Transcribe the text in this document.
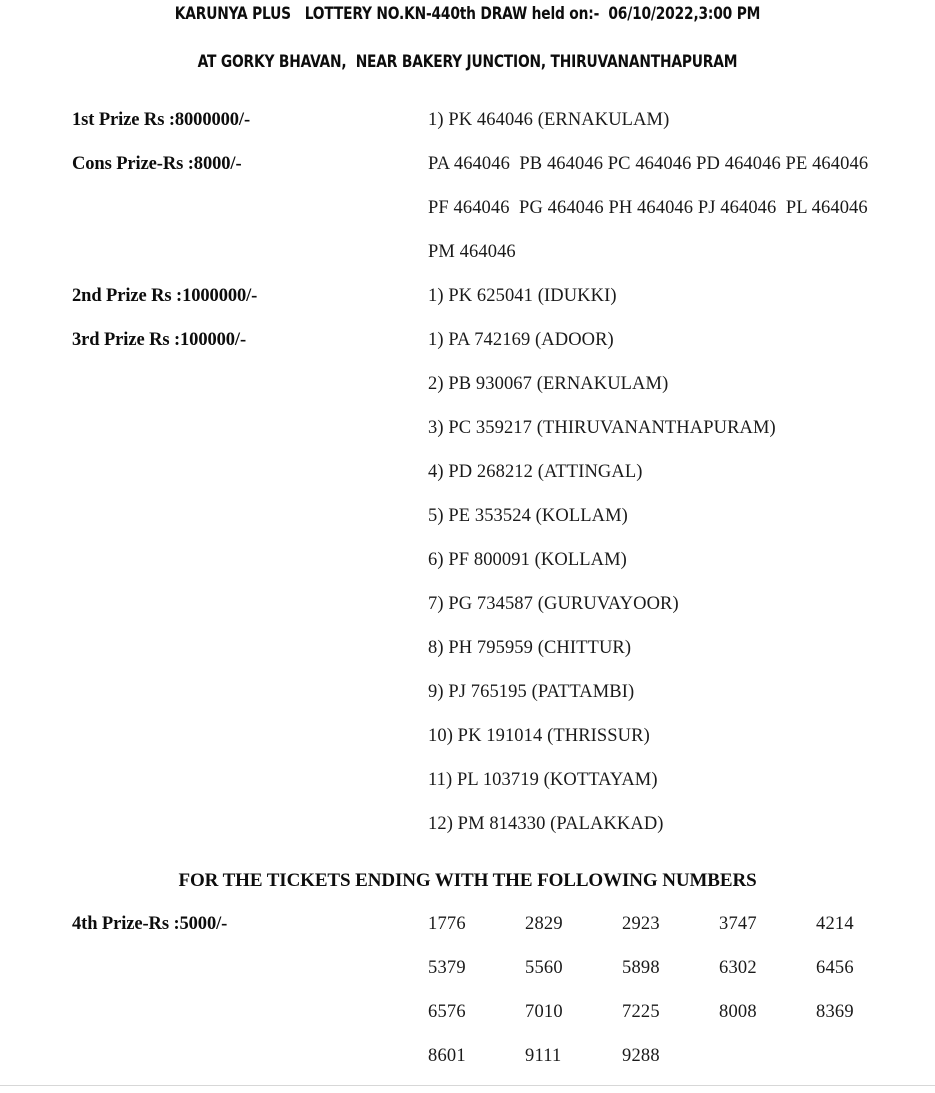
KARUNYA PLUS   LOTTERY NO.KN-440th DRAW held on:-  06/10/2022,3:00 PM
AT GORKY BHAVAN,  NEAR BAKERY JUNCTION, THIRUVANANTHAPURAM
1st Prize Rs :8000000/-	1) PK 464046 (ERNAKULAM)
Cons Prize-Rs :8000/-	PA 464046  PB 464046 PC 464046 PD 464046 PE 464046
PF 464046  PG 464046 PH 464046 PJ 464046  PL 464046
PM 464046
2nd Prize Rs :1000000/-	1) PK 625041 (IDUKKI)
3rd Prize Rs :100000/-	1) PA 742169 (ADOOR)
2) PB 930067 (ERNAKULAM)
3) PC 359217 (THIRUVANANTHAPURAM)
4) PD 268212 (ATTINGAL)
5) PE 353524 (KOLLAM)
6) PF 800091 (KOLLAM)
7) PG 734587 (GURUVAYOOR)
8) PH 795959 (CHITTUR)
9) PJ 765195 (PATTAMBI)
10) PK 191014 (THRISSUR)
11) PL 103719 (KOTTAYAM)
12) PM 814330 (PALAKKAD)
FOR THE TICKETS ENDING WITH THE FOLLOWING NUMBERS
4th Prize-Rs :5000/-	1776	2829	2923	3747	4214
5379	5560	5898	6302	6456
6576	7010	7225	8008	8369
8601	9111	9288
